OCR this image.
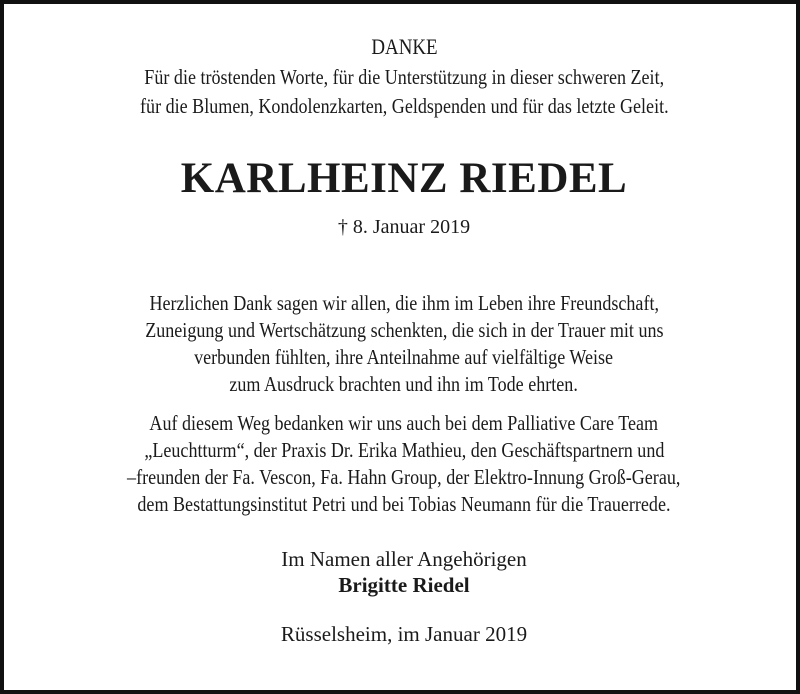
DANKE
Für die tröstenden Worte, für die Unterstützung in dieser schweren Zeit,
für die Blumen, Kondolenzkarten, Geldspenden und für das letzte Geleit.
KARLHEINZ RIEDEL
† 8. Januar 2019
Herzlichen Dank sagen wir allen, die ihm im Leben ihre Freundschaft,
Zuneigung und Wertschätzung schenkten, die sich in der Trauer mit uns
verbunden fühlten, ihre Anteilnahme auf vielfältige Weise
zum Ausdruck brachten und ihn im Tode ehrten.
Auf diesem Weg bedanken wir uns auch bei dem Palliative Care Team
„Leuchtturm“, der Praxis Dr. Erika Mathieu, den Geschäftspartnern und
–freunden der Fa. Vescon, Fa. Hahn Group, der Elektro-Innung Groß-Gerau,
dem Bestattungsinstitut Petri und bei Tobias Neumann für die Trauerrede.
Im Namen aller Angehörigen
Brigitte Riedel
Rüsselsheim, im Januar 2019
